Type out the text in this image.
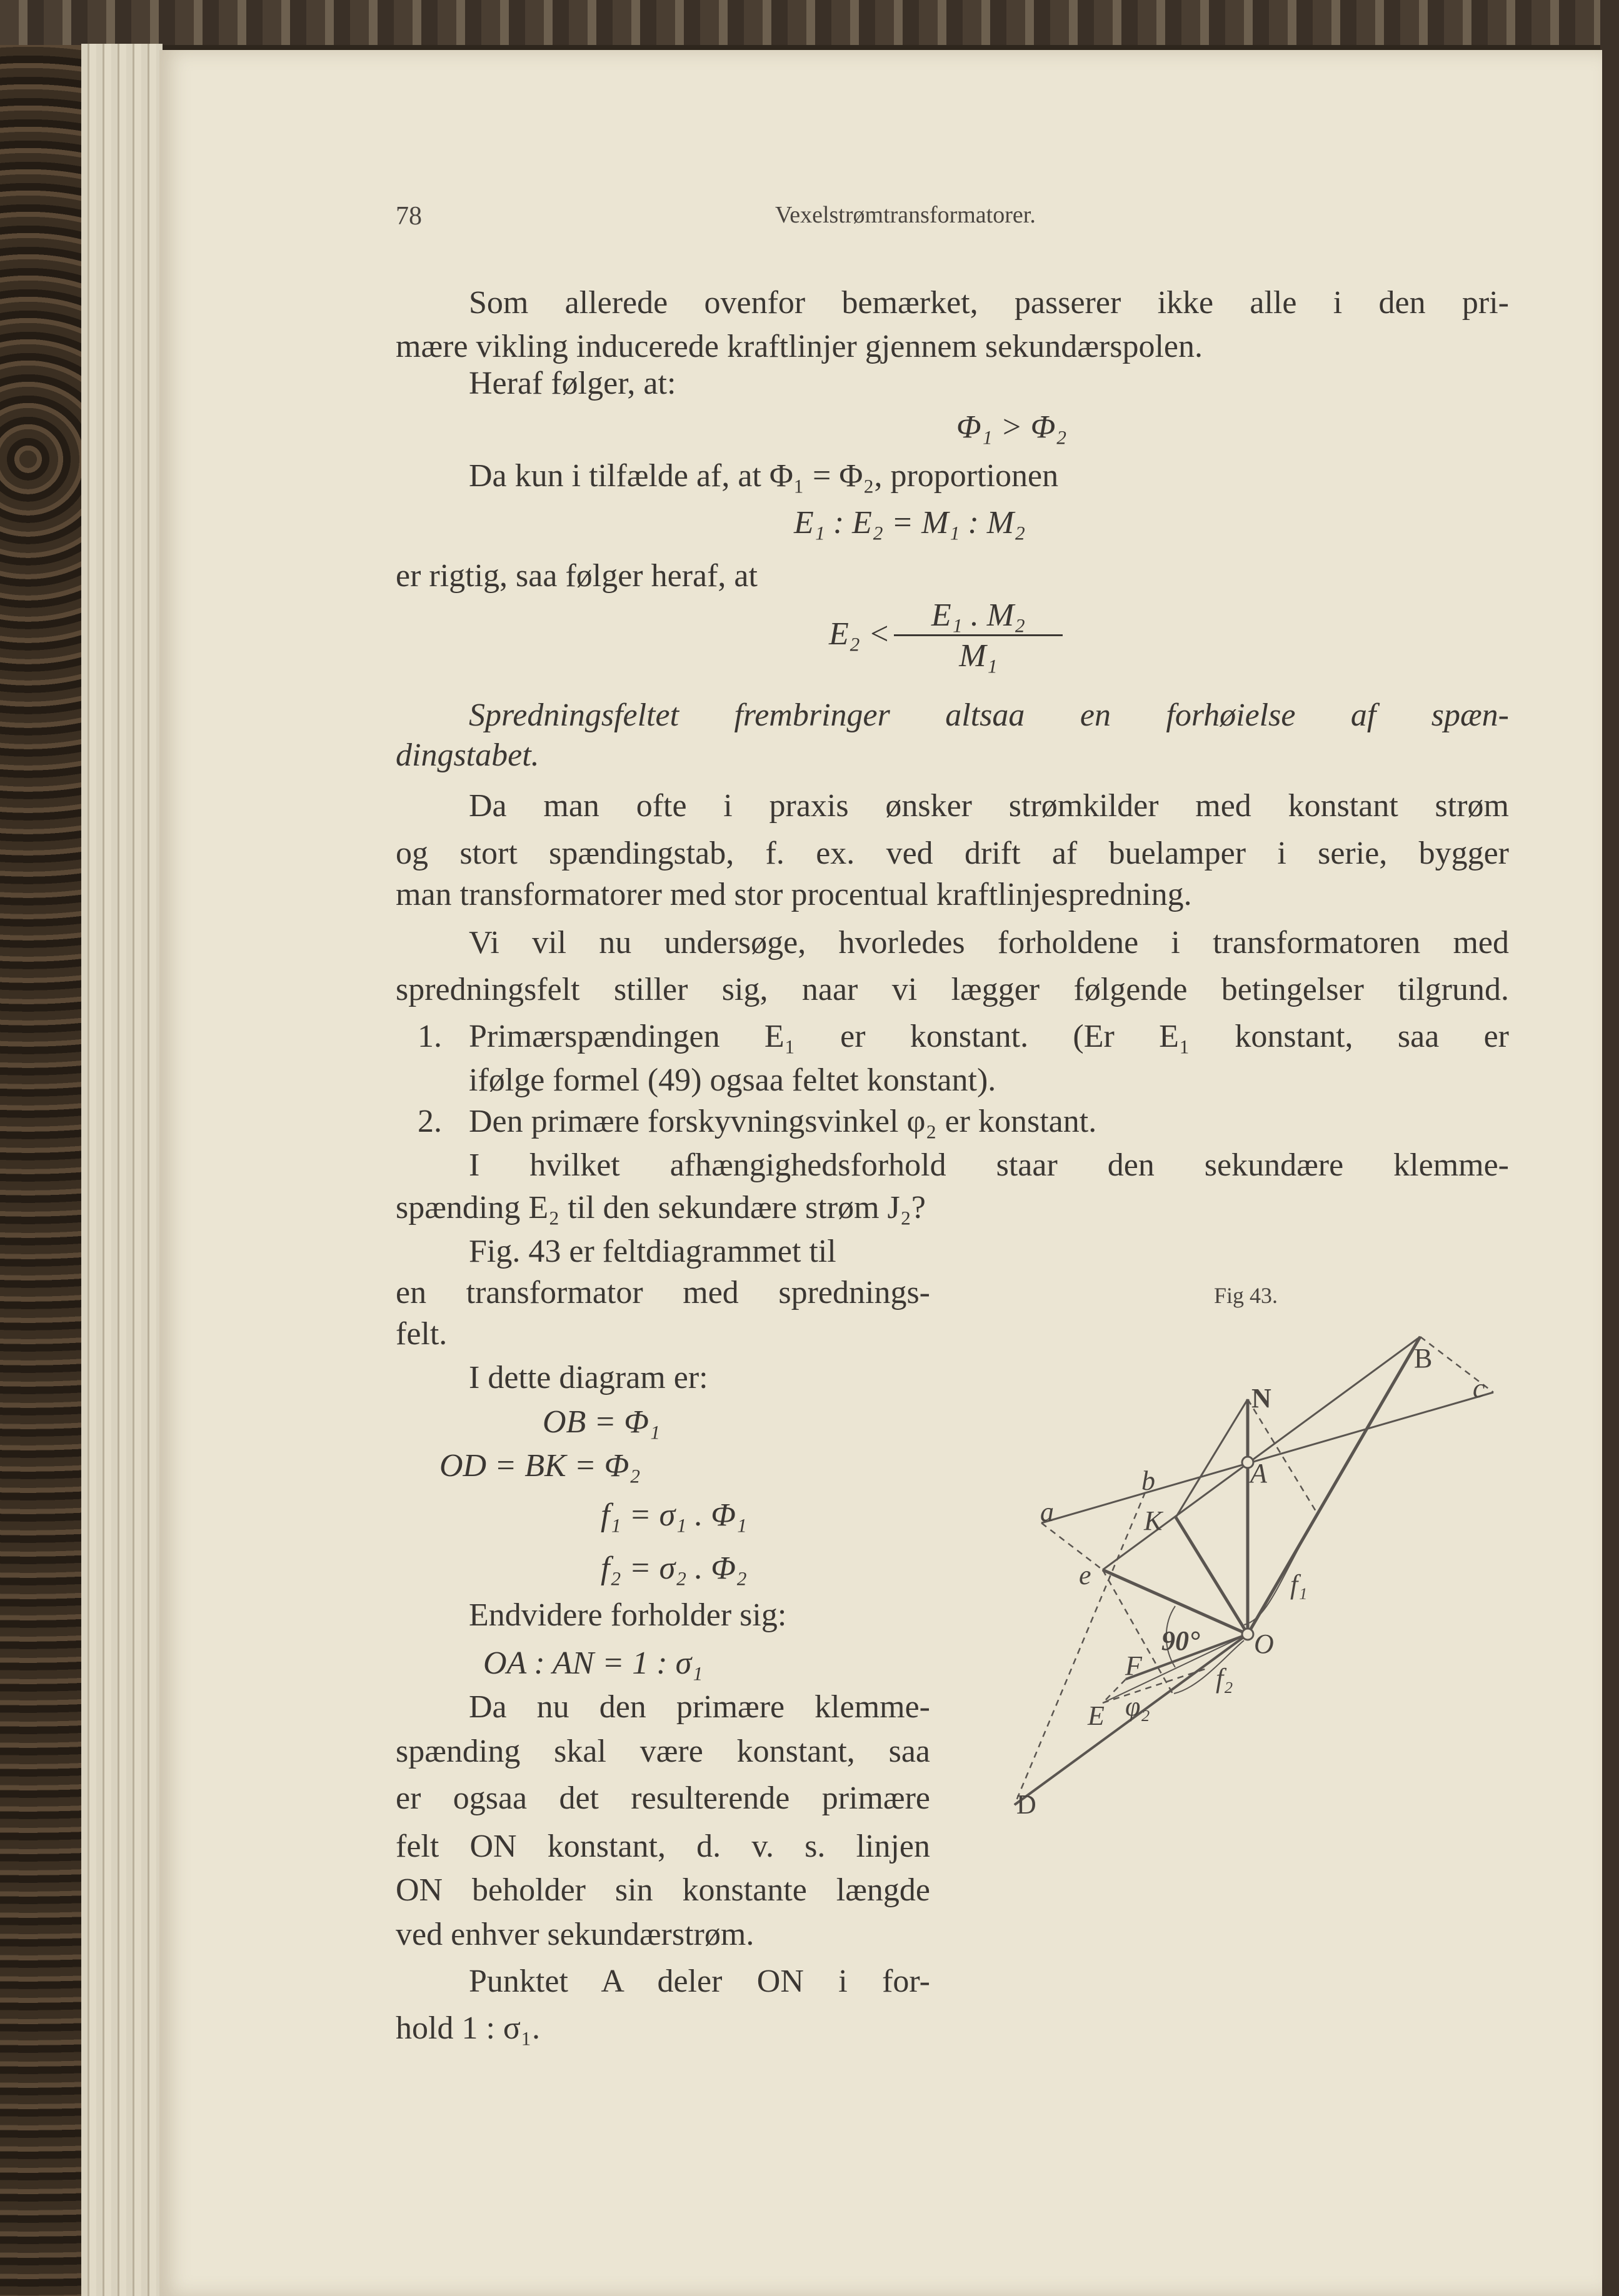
78	Vexelstrømtransformatorer.
Som allerede ovenfor bemærket, passerer ikke alle i den pri-
mære vikling inducerede kraftlinjer gjennem sekundærspolen.
Heraf følger, at:
Φ₁ > Φ₂
Da kun i tilfælde af, at Φ₁ = Φ₂, proportionen
E₁ : E₂ = M₁ : M₂
er rigtig, saa følger heraf, at
E₂ <
E₁ . M₂
M₁
Spredningsfeltet frembringer altsaa en forhøielse af spæn-
dingstabet.
Da man ofte i praxis ønsker strømkilder med konstant strøm
og stort spændingstab, f. ex. ved drift af buelamper i serie, bygger
man transformatorer med stor procentual kraftlinjespredning.
Vi vil nu undersøge, hvorledes forholdene i transformatoren med
spredningsfelt stiller sig, naar vi lægger følgende betingelser tilgrund.
1. Primærspændingen E₁ er konstant. (Er E₁ konstant, saa er
ifølge formel (49) ogsaa feltet konstant).
2. Den primære forskyvningsvinkel φ₂ er konstant.
I hvilket afhængighedsforhold staar den sekundære klemme-
spænding E₂ til den sekundære strøm J₂?
Fig. 43 er feltdiagrammet til
en transformator med sprednings-
felt.
Fig 43.
I dette diagram er:
OB = Φ₁
OD = BK = Φ₂
f₁ = σ₁ . Φ₁
f₂ = σ₂ . Φ₂
Endvidere forholder sig:
OA : AN = 1 : σ₁
Da nu den primære klemme-
spænding skal være konstant, saa
er ogsaa det resulterende primære
felt ON konstant, d. v. s. linjen
ON beholder sin konstante længde
ved enhver sekundærstrøm.
Punktet A deler ON i for-
hold 1 : σ₁.
N
A
B
c
a
b
K
e
O
F
E
D
f₁
f₂
φ₂
90°
